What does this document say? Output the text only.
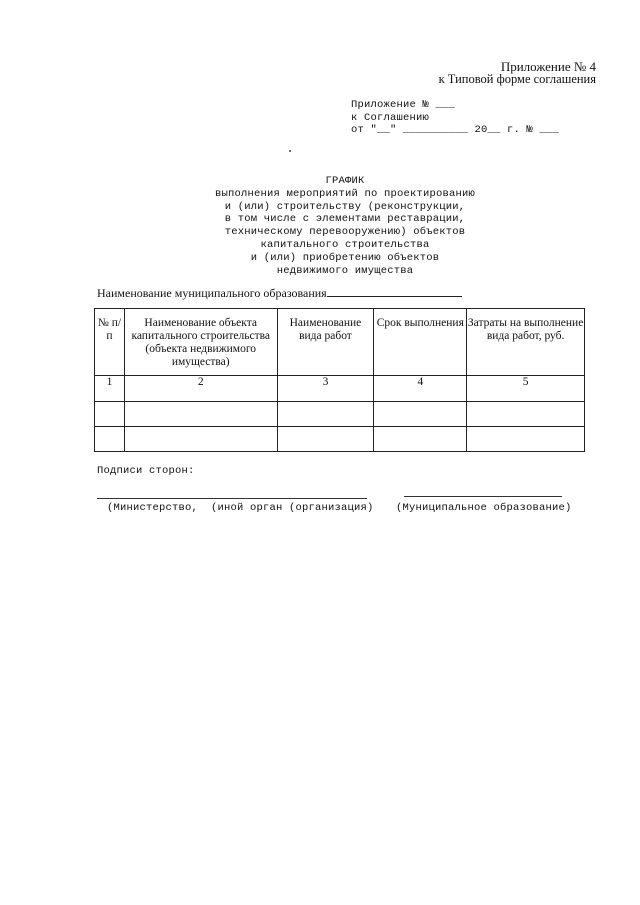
Приложение № 4
к Типовой форме соглашения
Приложение № ___
к Соглашению
от "__" __________ 20__ г. № ___
ГРАФИК
выполнения мероприятий по проектированию
и (или) строительству (реконструкции,
в том числе с элементами реставрации,
техническому перевооружению) объектов
капитального строительства
и (или) приобретению объектов
недвижимого имущества
Наименование муниципального образования
№ п/п	Наименование объекта капитального строительства (объекта недвижимого имущества)	Наименование вида работ	Срок выполнения	Затраты на выполнение вида работ, руб.
1	2	3	4	5

Подписи сторон:
(Министерство,  (иной орган (организация) (Муниципальное образование)
